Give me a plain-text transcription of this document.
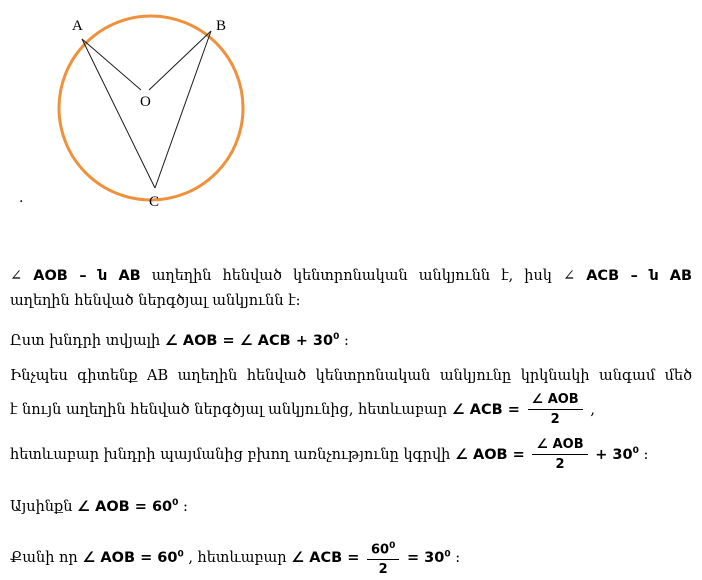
A	B
O
C
.
∠ AOB – ն AB աղեղին հենված կենտրոնական անկյունն է, իսկ ∠ ACB – ն AB
աղեղին հենված ներգծյալ անկյունն է:
Ըստ խնդրի տվյալի ∠ AOB = ∠ ACB + $30^0$ :
Ինչպես գիտենք AB աղեղին հենված կենտրոնական անկյունը կրկնակի անգամ մեծ
է նույն աղեղին հենված ներգծյալ անկյունից, հետևաբար ∠ ACB = $\frac{\text{∠ AOB}}{2}$ ,
հետևաբար խնդրի պայմանից բխող առնչությունը կգրվի ∠ AOB = $\frac{\text{∠ AOB}}{2} + 30^0$ :
Այսինքն ∠ AOB = $60^0$ :
Քանի որ ∠ AOB = $60^0$ , հետևաբար ∠ ACB = $\frac{60^0}{2} = 30^0$ :
